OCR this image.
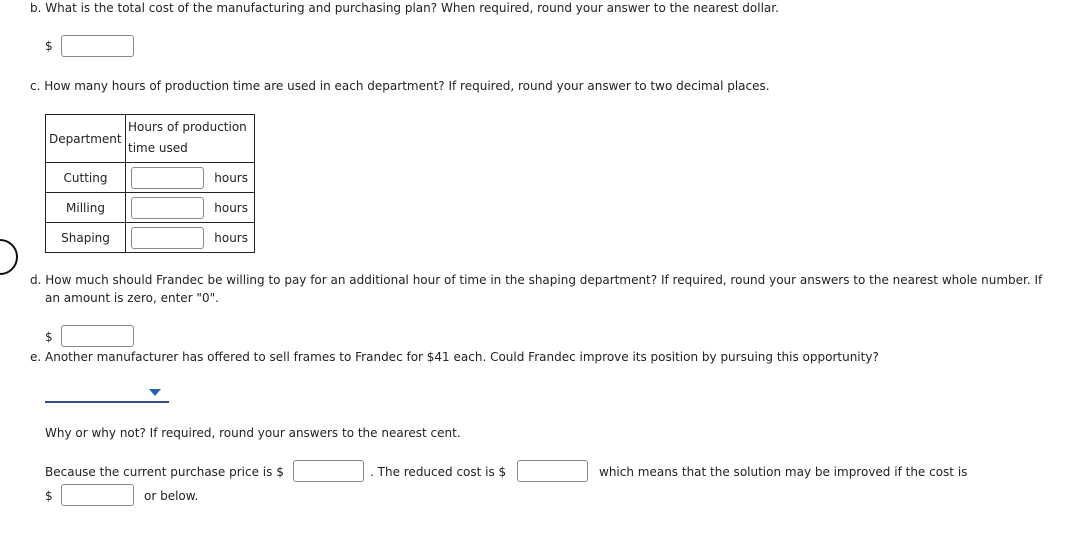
b. What is the total cost of the manufacturing and purchasing plan? When required, round your answer to the nearest dollar.
$
c. How many hours of production time are used in each department? If required, round your answer to two decimal places.
Department	Hours of production
time used

Cutting	hours

Milling	hours

Shaping	hours
d. How much should Frandec be willing to pay for an additional hour of time in the shaping department? If required, round your answers to the nearest whole number. If
an amount is zero, enter "0".
$
e. Another manufacturer has offered to sell frames to Frandec for $41 each. Could Frandec improve its position by pursuing this opportunity?
Why or why not? If required, round your answers to the nearest cent.
Because the current purchase price is $	. The reduced cost is $	which means that the solution may be improved if the cost is
$	or below.
